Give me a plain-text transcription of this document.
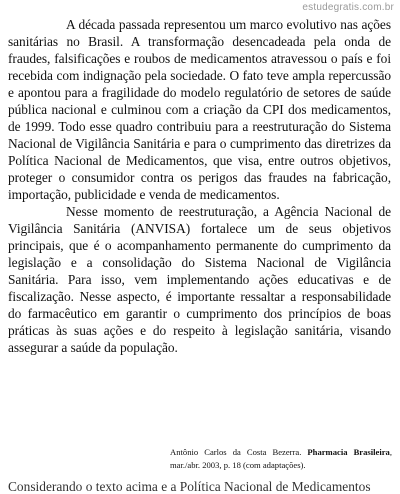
estudegratis.com.br

A década passada representou um marco evolutivo nas ações sanitárias no Brasil. A transformação desencadeada pela onda de fraudes, falsificações e roubos de medicamentos atravessou o país e foi recebida com indignação pela sociedade. O fato teve ampla repercussão e apontou para a fragilidade do modelo regulatório de setores de saúde pública nacional e culminou com a criação da CPI dos medicamentos, de 1999. Todo esse quadro contribuiu para a reestruturação do Sistema Nacional de Vigilância Sanitária e para o cumprimento das diretrizes da Política Nacional de Medicamentos, que visa, entre outros objetivos, proteger o consumidor contra os perigos das fraudes na fabricação, importação, publicidade e venda de medicamentos.

Nesse momento de reestruturação, a Agência Nacional de Vigilância Sanitária (ANVISA) fortalece um de seus objetivos principais, que é o acompanhamento permanente do cumprimento da legislação e a consolidação do Sistema Nacional de Vigilância Sanitária. Para isso, vem implementando ações educativas e de fiscalização. Nesse aspecto, é importante ressaltar a responsabilidade do farmacêutico em garantir o cumprimento dos princípios de boas práticas às suas ações e do respeito à legislação sanitária, visando assegurar a saúde da população.

Antônio Carlos da Costa Bezerra. Pharmacia Brasileira, mar./abr. 2003, p. 18 (com adaptações).
Considerando o texto acima e a Política Nacional de Medicamentos
